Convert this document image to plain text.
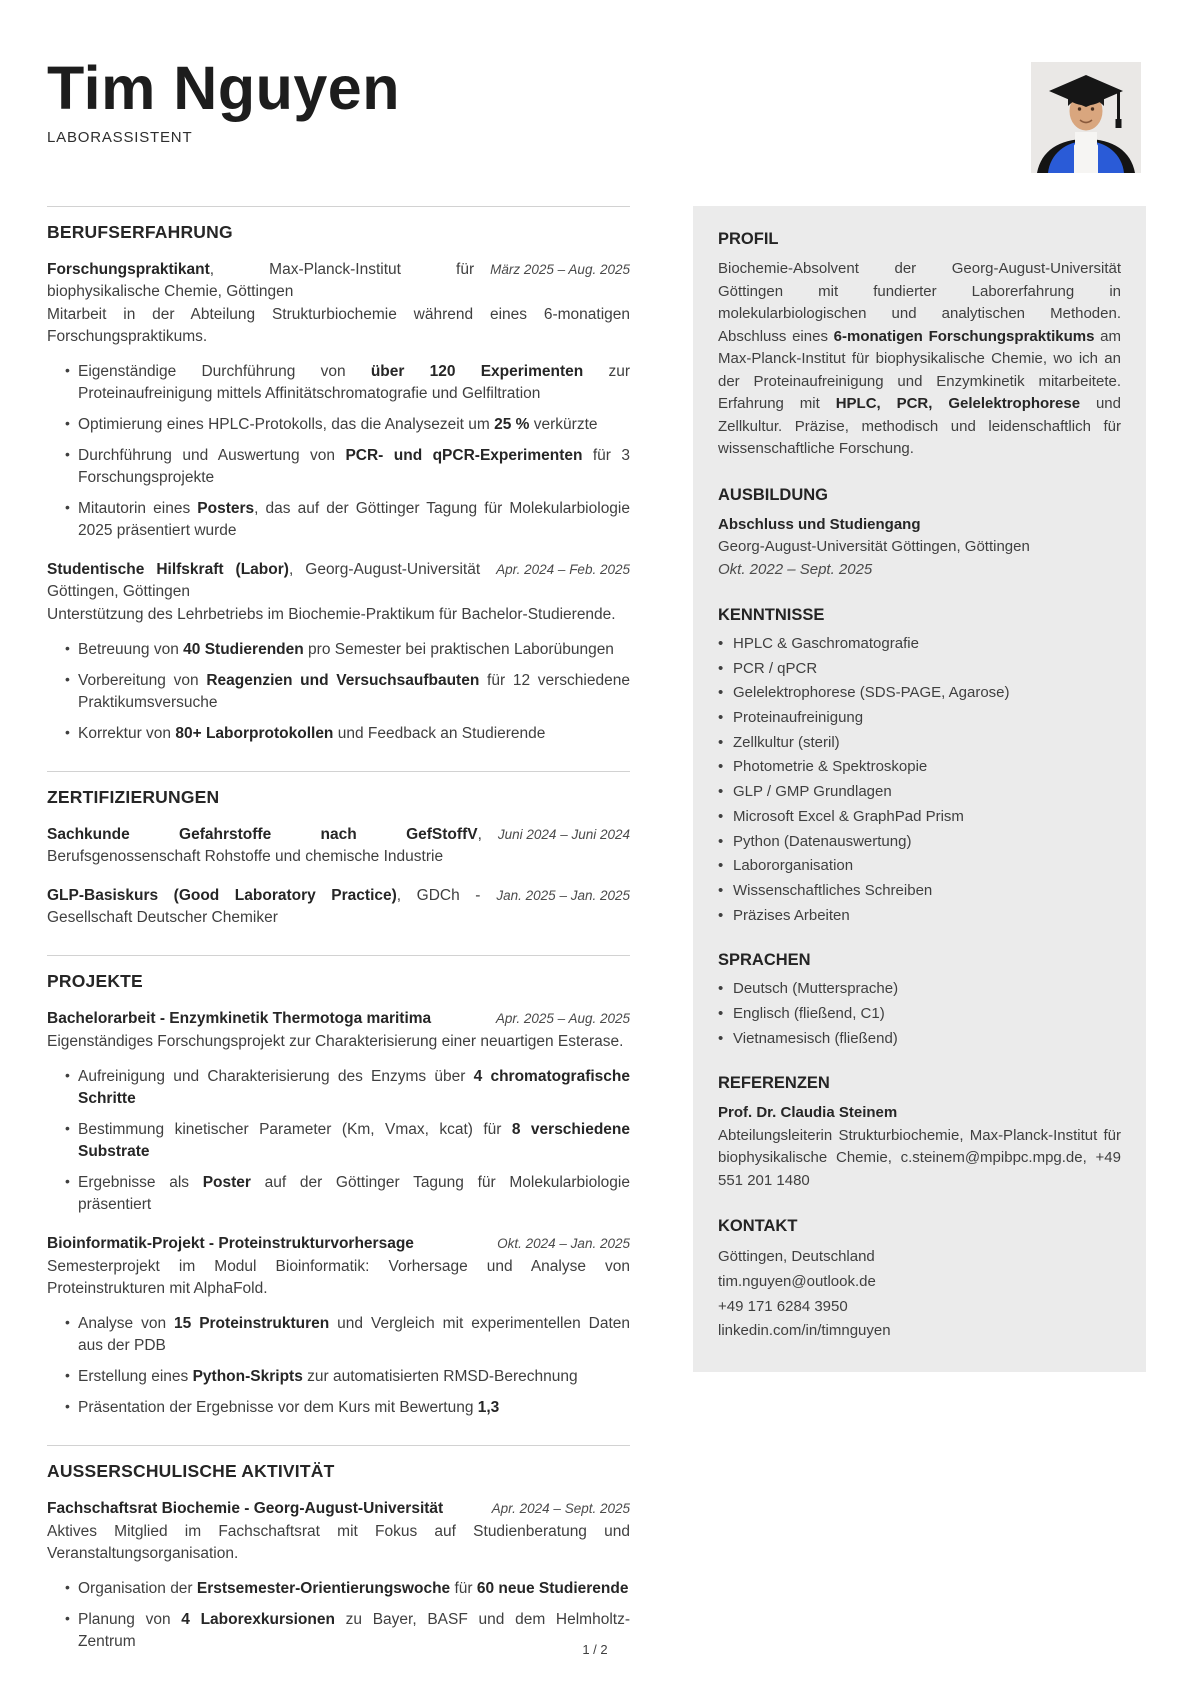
Tim Nguyen
LABORASSISTENT
BERUFSERFAHRUNG
Forschungspraktikant, Max-Planck-Institut für biophysikalische Chemie, Göttingen
März 2025 – Aug. 2025

Mitarbeit in der Abteilung Strukturbiochemie während eines 6-monatigen Forschungspraktikums.

• Eigenständige Durchführung von über 120 Experimenten zur Proteinaufreinigung mittels Affinitätschromatografie und Gelfiltration
• Optimierung eines HPLC-Protokolls, das die Analysezeit um 25 % verkürzte
• Durchführung und Auswertung von PCR- und qPCR-Experimenten für 3 Forschungsprojekte
• Mitautorin eines Posters, das auf der Göttinger Tagung für Molekularbiologie 2025 präsentiert wurde
Studentische Hilfskraft (Labor), Georg-August-Universität Göttingen, Göttingen
Apr. 2024 – Feb. 2025

Unterstützung des Lehrbetriebs im Biochemie-Praktikum für Bachelor-Studierende.

• Betreuung von 40 Studierenden pro Semester bei praktischen Laborübungen
• Vorbereitung von Reagenzien und Versuchsaufbauten für 12 verschiedene Praktikumsversuche
• Korrektur von 80+ Laborprotokollen und Feedback an Studierende
ZERTIFIZIERUNGEN
Sachkunde Gefahrstoffe nach GefStoffV, Berufsgenossenschaft Rohstoffe und chemische Industrie
Juni 2024 – Juni 2024
GLP-Basiskurs (Good Laboratory Practice), GDCh - Gesellschaft Deutscher Chemiker
Jan. 2025 – Jan. 2025
PROJEKTE
Bachelorarbeit - Enzymkinetik Thermotoga maritima	Apr. 2025 – Aug. 2025

Eigenständiges Forschungsprojekt zur Charakterisierung einer neuartigen Esterase.

• Aufreinigung und Charakterisierung des Enzyms über 4 chromatografische Schritte
• Bestimmung kinetischer Parameter (Km, Vmax, kcat) für 8 verschiedene Substrate
• Ergebnisse als Poster auf der Göttinger Tagung für Molekularbiologie präsentiert
Bioinformatik-Projekt - Proteinstrukturvorhersage	Okt. 2024 – Jan. 2025

Semesterprojekt im Modul Bioinformatik: Vorhersage und Analyse von Proteinstrukturen mit AlphaFold.

• Analyse von 15 Proteinstrukturen und Vergleich mit experimentellen Daten aus der PDB
• Erstellung eines Python-Skripts zur automatisierten RMSD-Berechnung
• Präsentation der Ergebnisse vor dem Kurs mit Bewertung 1,3
AUSSERSCHULISCHE AKTIVITÄT
Fachschaftsrat Biochemie - Georg-August-Universität	Apr. 2024 – Sept. 2025

Aktives Mitglied im Fachschaftsrat mit Fokus auf Studienberatung und Veranstaltungsorganisation.

• Organisation der Erstsemester-Orientierungswoche für 60 neue Studierende
• Planung von 4 Laborexkursionen zu Bayer, BASF und dem Helmholtz-Zentrum
PROFIL

Biochemie-Absolvent der Georg-August-Universität Göttingen mit fundierter Laborerfahrung in molekularbiologischen und analytischen Methoden. Abschluss eines 6-monatigen Forschungspraktikums am Max-Planck-Institut für biophysikalische Chemie, wo ich an der Proteinaufreinigung und Enzymkinetik mitarbeitete. Erfahrung mit HPLC, PCR, Gelelektrophorese und Zellkultur. Präzise, methodisch und leidenschaftlich für wissenschaftliche Forschung.

AUSBILDUNG
Abschluss und Studiengang
Georg-August-Universität Göttingen, Göttingen
Okt. 2022 – Sept. 2025
KENNTNISSE
• HPLC & Gaschromatografie
• PCR / qPCR
• Gelelektrophorese (SDS-PAGE, Agarose)
• Proteinaufreinigung
• Zellkultur (steril)
• Photometrie & Spektroskopie
• GLP / GMP Grundlagen
• Microsoft Excel & GraphPad Prism
• Python (Datenauswertung)
• Labororganisation
• Wissenschaftliches Schreiben
• Präzises Arbeiten
SPRACHEN
• Deutsch (Muttersprache)
• Englisch (fließend, C1)
• Vietnamesisch (fließend)
REFERENZEN
Prof. Dr. Claudia Steinem

Abteilungsleiterin Strukturbiochemie, Max-Planck-Institut für biophysikalische Chemie, c.steinem@mpibpc.mpg.de, +49 551 201 1480

KONTAKT
Göttingen, Deutschland
tim.nguyen@outlook.de
+49 171 6284 3950
linkedin.com/in/timnguyen
1 / 2
